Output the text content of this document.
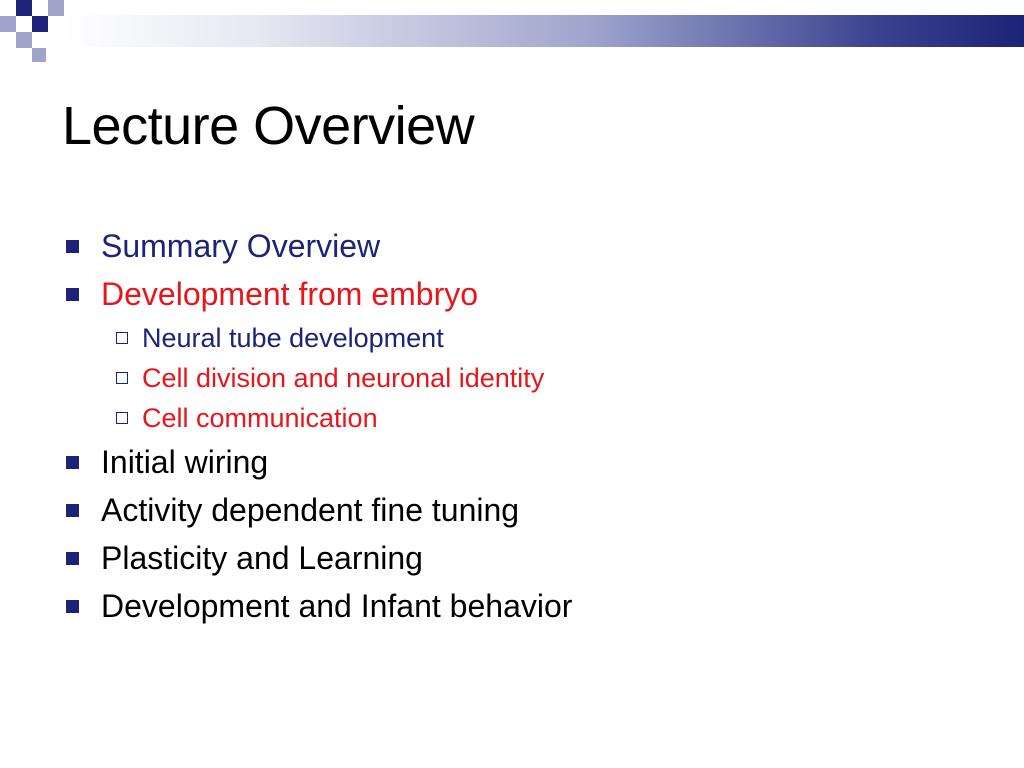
Lecture Overview
Summary Overview
Development from embryo
Neural tube development
Cell division and neuronal identity
Cell communication
Initial wiring
Activity dependent fine tuning
Plasticity and Learning
Development and Infant behavior
